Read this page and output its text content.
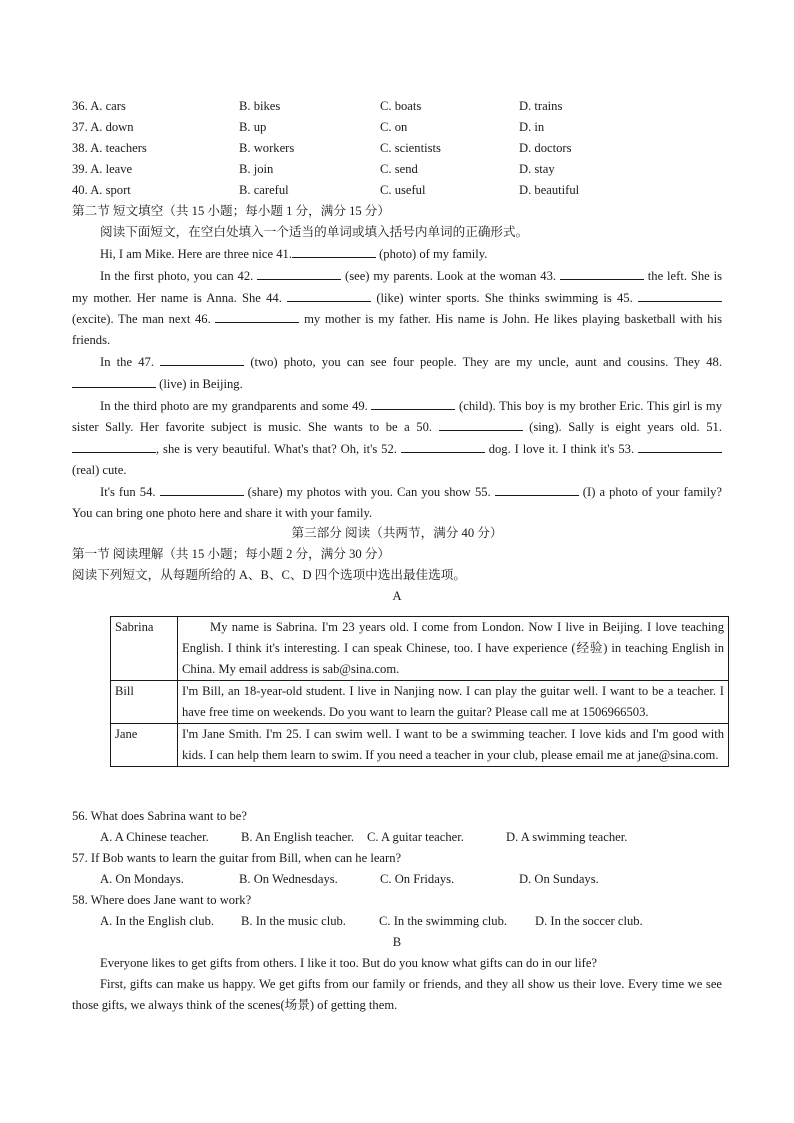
36. A. cars	B. bikes	C. boats	D. trains
37. A. down	B. up	C. on	D. in
38. A. teachers	B. workers	C. scientists	D. doctors
39. A. leave	B. join	C. send	D. stay
40. A. sport	B. careful	C. useful	D. beautiful
第二节 短文填空（共 15 小题；每小题 1 分，满分 15 分）
阅读下面短文，在空白处填入一个适当的单词或填入括号内单词的正确形式。

Hi, I am Mike. Here are three nice 41.	(photo) of my family.

In the first photo, you can 42.	(see) my parents. Look at the woman 43.	the left. She is my mother. Her name is Anna. She 44.	(like) winter sports. She thinks swimming is 45.  (excite). The man next 46.	my mother is my father. His name is John. He likes playing basketball with his friends.

In the 47.	(two) photo, you can see four people. They are my uncle, aunt and cousins. They 48.  (live) in Beijing.

In the third photo are my grandparents and some 49.	(child). This boy is my brother Eric. This girl is my sister Sally. Her favorite subject is music. She wants to be a 50.	(sing). Sally is eight years old. 51. , she is very beautiful. What's that? Oh, it's 52.	dog. I love it. I think it's 53.  (real) cute.

It's fun 54.	(share) my photos with you. Can you show 55.	(I) a photo of your family? You can bring one photo here and share it with your family.

第三部分 阅读（共两节，满分 40 分）
第一节 阅读理解（共 15 小题；每小题 2 分，满分 30 分）
阅读下列短文，从每题所给的 A、B、C、D 四个选项中选出最佳选项。
A
Sabrina	My name is Sabrina. I'm 23 years old. I come from London. Now I live in Beijing. I love teaching English. I think it's interesting. I can speak Chinese, too. I have experience (经验) in teaching English in China. My email address is sab@sina.com.
Bill	I'm Bill, an 18-year-old student. I live in Nanjing now. I can play the guitar well. I want to be a teacher. I have free time on weekends. Do you want to learn the guitar? Please call me at 1506966503.
Jane	I'm Jane Smith. I'm 25. I can swim well. I want to be a swimming teacher. I love kids and I'm good with kids. I can help them learn to swim. If you need a teacher in your club, please email me at jane@sina.com.
56. What does Sabrina want to be?
A. A Chinese teacher.	B. An English teacher.	C. A guitar teacher.	D. A swimming teacher.
57. If Bob wants to learn the guitar from Bill, when can he learn?
A. On Mondays.	B. On Wednesdays.	C. On Fridays.	D. On Sundays.
58. Where does Jane want to work?
A. In the English club.	B. In the music club.	C. In the swimming club.	D. In the soccer club.
B

Everyone likes to get gifts from others. I like it too. But do you know what gifts can do in our life?

First, gifts can make us happy. We get gifts from our family or friends, and they all show us their love. Every time we see those gifts, we always think of the scenes(场景) of getting them.
